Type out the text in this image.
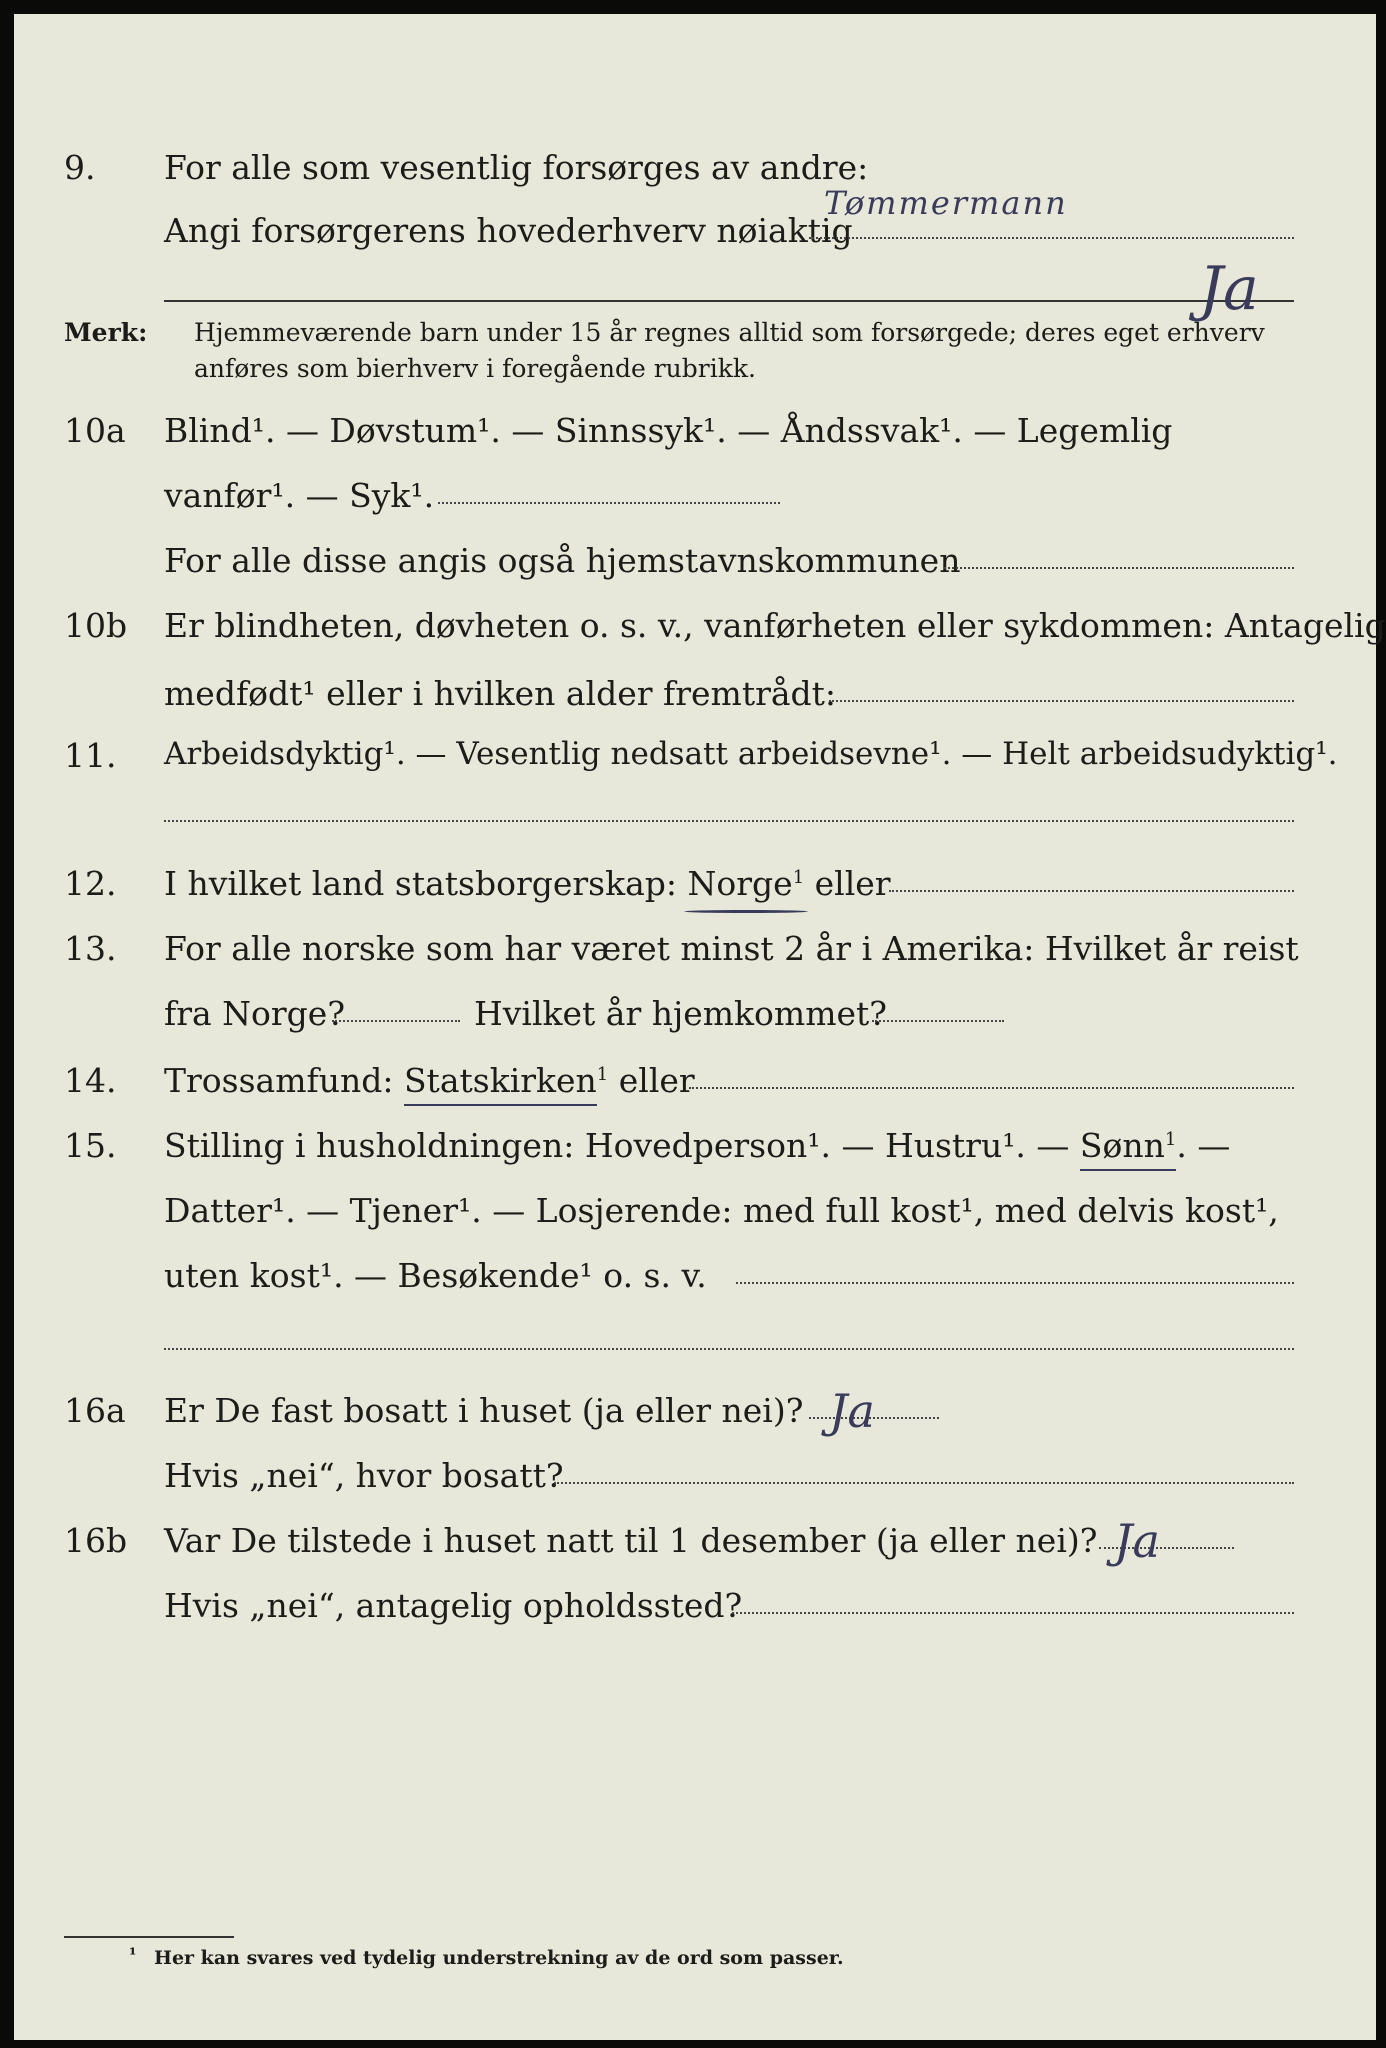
9. For alle som vesentlig forsørges av andre:
Angi forsørgerens hovederhverv nøiaktig
Tømmermann
Merk: Hjemmeværende barn under 15 år regnes alltid som forsørgede; deres eget erhverv
anføres som bierhverv i foregående rubrikk.
Ja
10a Blind¹. — Døvstum¹. — Sinnssyk¹. — Åndssvak¹. — Legemlig
vanfør¹. — Syk¹.
For alle disse angis også hjemstavnskommunen
10b Er blindheten, døvheten o. s. v., vanførheten eller sykdommen: Antagelig
medfødt¹ eller i hvilken alder fremtrådt:
11. Arbeidsdyktig¹. — Vesentlig nedsatt arbeidsevne¹. — Helt arbeidsudyktig¹.
12. I hvilket land statsborgerskap: Norge$^1$ eller
13. For alle norske som har været minst 2 år i Amerika: Hvilket år reist
fra Norge?	Hvilket år hjemkommet?
14. Trossamfund: Statskirken
$^1$ eller
15. Stilling i husholdningen: Hovedperson¹. — Hustru¹. — Sønn$^1$
. —
Datter¹. — Tjener¹. — Losjerende: med full kost¹, med delvis kost¹,
uten kost¹. — Besøkende¹ o. s. v.
16a Er De fast bosatt i huset (ja eller nei)? Ja
Hvis „nei“, hvor bosatt?
16b Var De tilstede i huset natt til 1 desember (ja eller nei)? Ja
Hvis „nei“, antagelig opholdssted?
¹ Her kan svares ved tydelig understrekning av de ord som passer.
